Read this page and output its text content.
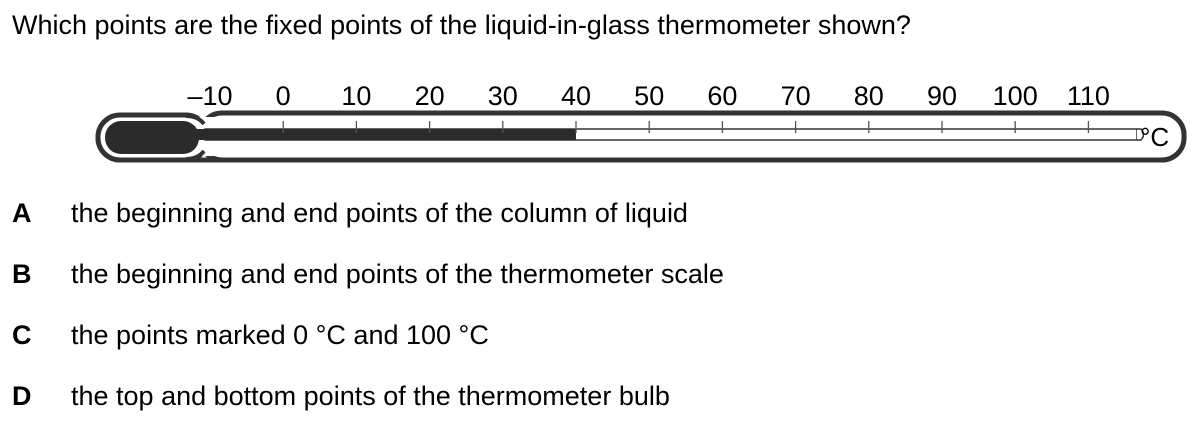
Which points are the fixed points of the liquid-in-glass thermometer shown?
–10 0 10 20 30 40 50 60 70 80 90 100 110
°C
A	the beginning and end points of the column of liquid
B	the beginning and end points of the thermometer scale
C	the points marked 0 °C and 100 °C
D	the top and bottom points of the thermometer bulb
